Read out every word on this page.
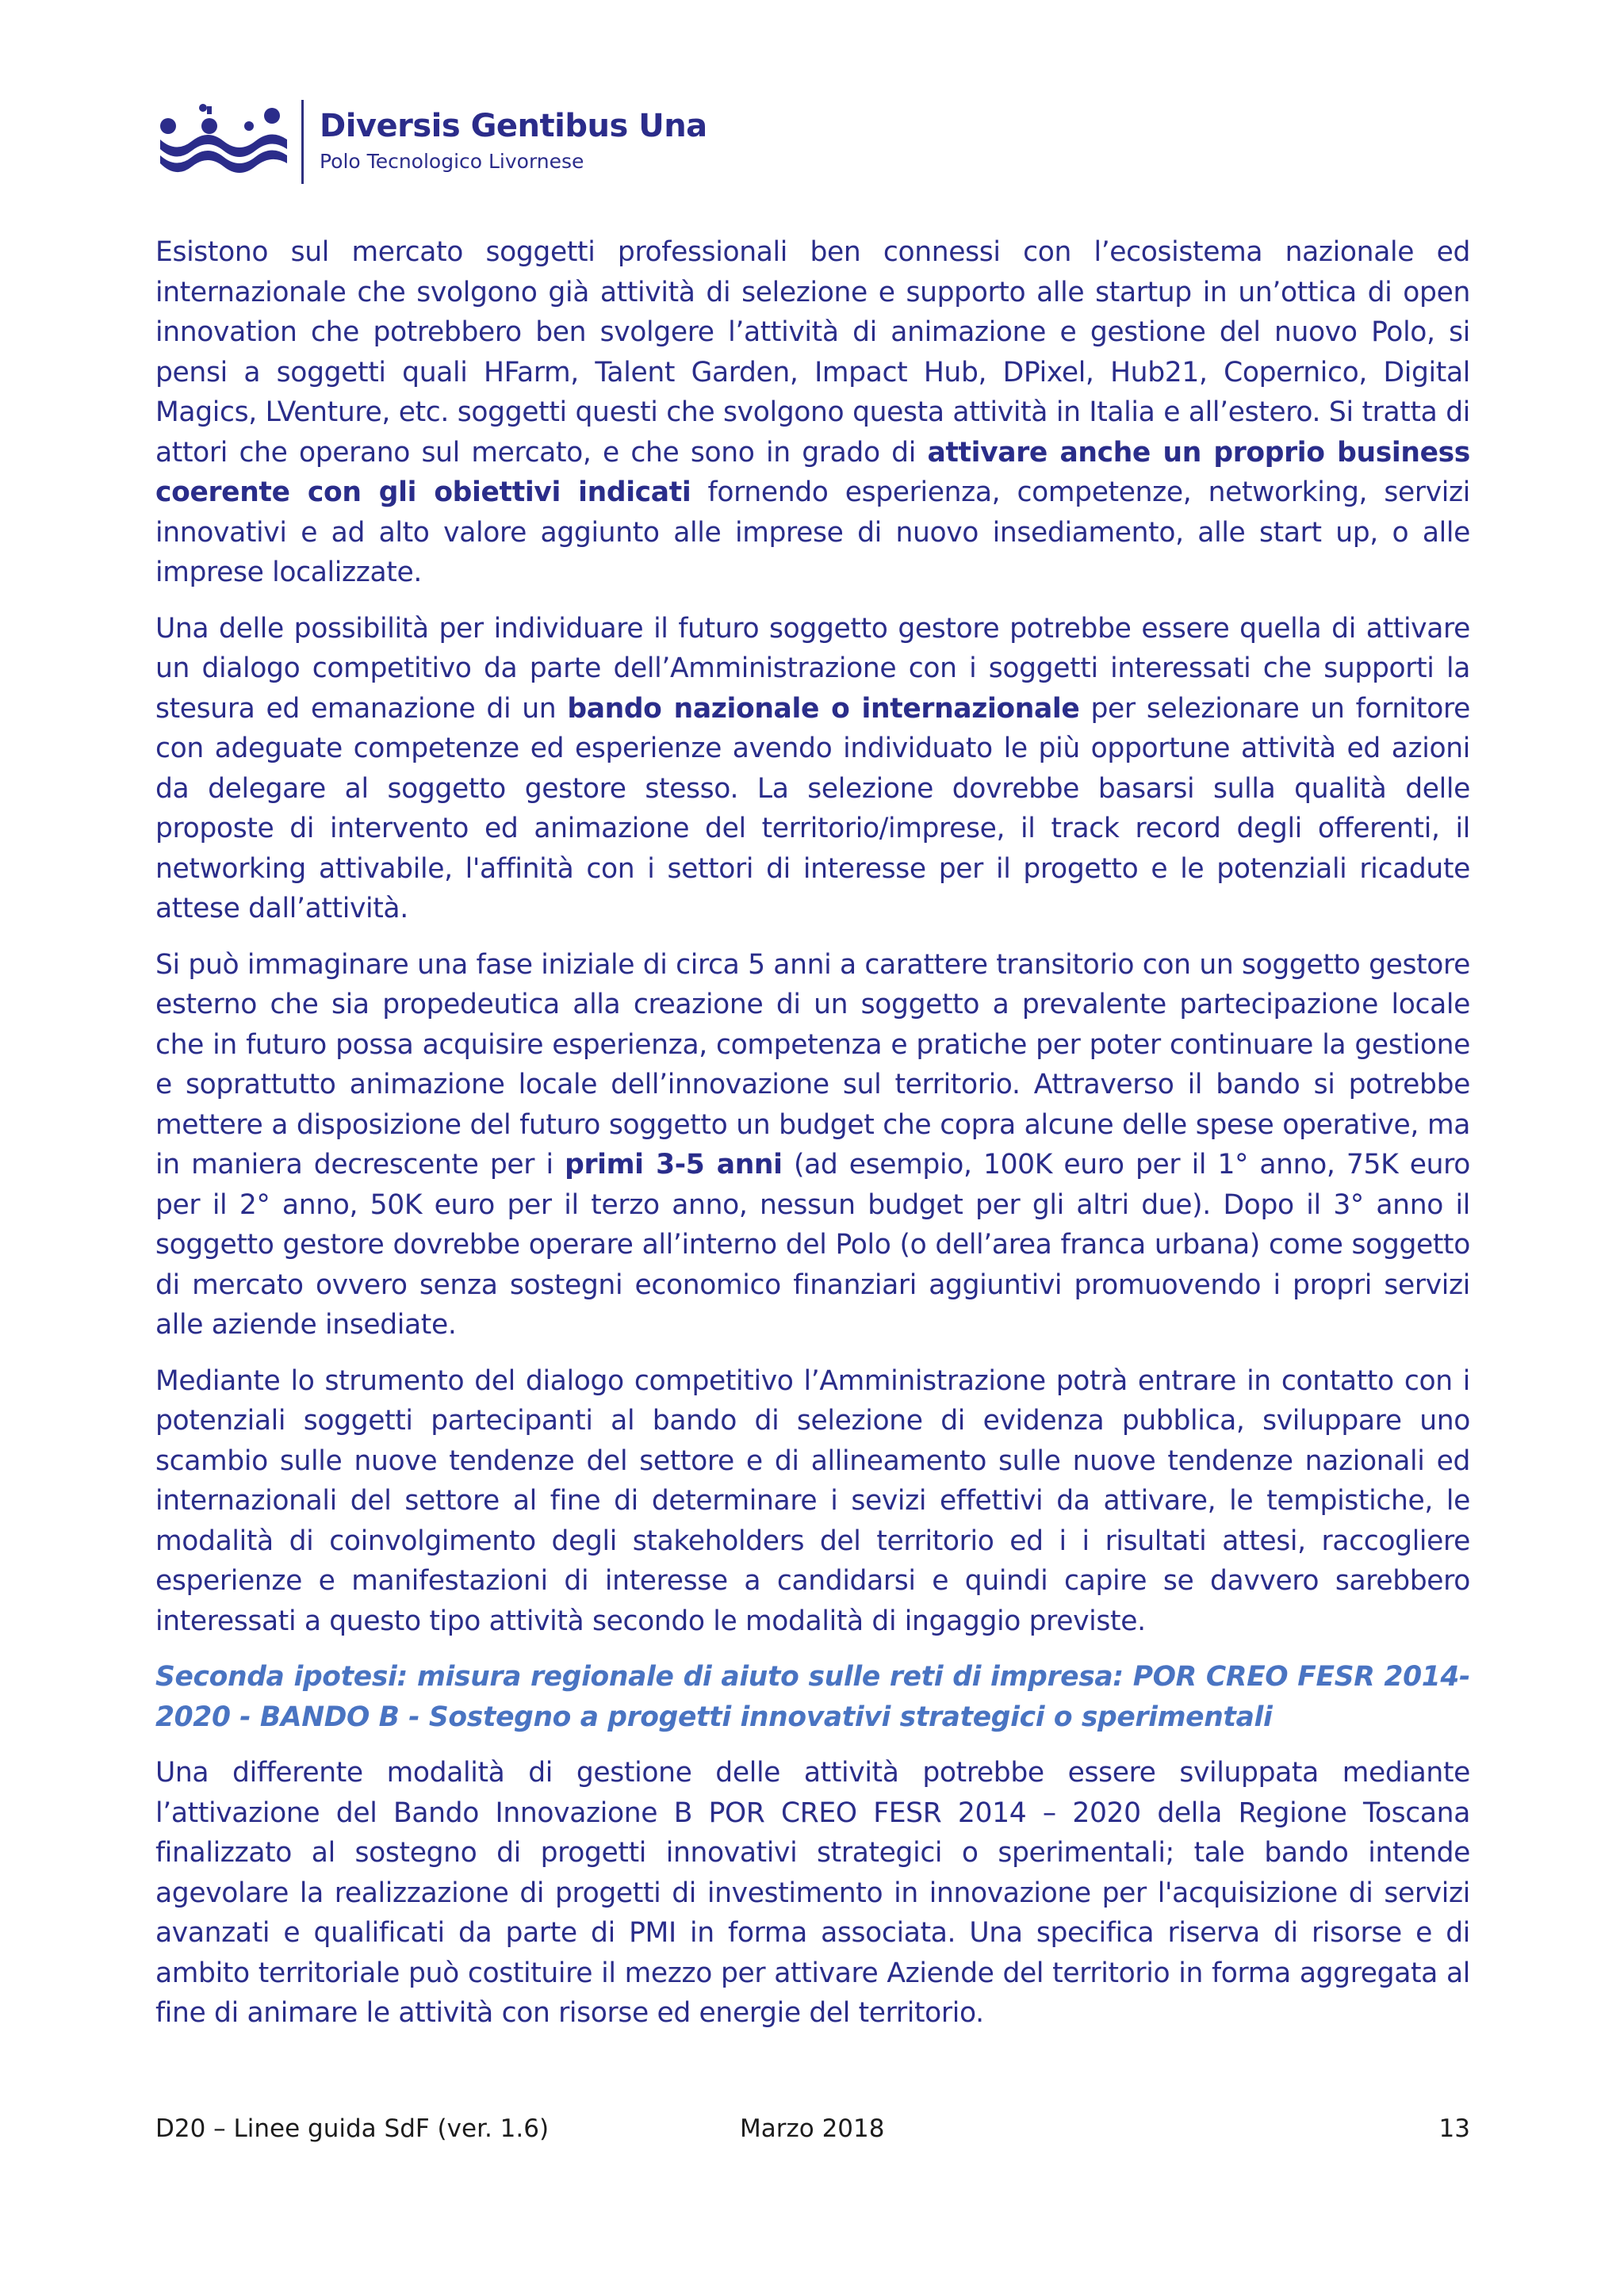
Diversis Gentibus Una
Polo Tecnologico Livornese

Esistono sul mercato soggetti professionali ben connessi con l’ecosistema nazionale ed internazionale che svolgono già attività di selezione e supporto alle startup in un’ottica di open innovation che potrebbero ben svolgere l’attività di animazione e gestione del nuovo Polo, si pensi a soggetti quali HFarm, Talent Garden, Impact Hub, DPixel, Hub21, Copernico, Digital Magics, LVenture, etc. soggetti questi che svolgono questa attività in Italia e all’estero. Si tratta di attori che operano sul mercato, e che sono in grado di attivare anche un proprio business coerente con gli obiettivi indicati fornendo esperienza, competenze, networking, servizi innovativi e ad alto valore aggiunto alle imprese di nuovo insediamento, alle start up, o alle imprese localizzate.

Una delle possibilità per individuare il futuro soggetto gestore potrebbe essere quella di attivare un dialogo competitivo da parte dell’Amministrazione con i soggetti interessati che supporti la stesura ed emanazione di un bando nazionale o internazionale per selezionare un fornitore con adeguate competenze ed esperienze avendo individuato le più opportune attività ed azioni da delegare al soggetto gestore stesso. La selezione dovrebbe basarsi sulla qualità delle proposte di intervento ed animazione del territorio/imprese, il track record degli offerenti, il networking attivabile, l'affinità con i settori di interesse per il progetto e le potenziali ricadute attese dall’attività.

Si può immaginare una fase iniziale di circa 5 anni a carattere transitorio con un soggetto gestore esterno che sia propedeutica alla creazione di un soggetto a prevalente partecipazione locale che in futuro possa acquisire esperienza, competenza e pratiche per poter continuare la gestione e soprattutto animazione locale dell’innovazione sul territorio. Attraverso il bando si potrebbe mettere a disposizione del futuro soggetto un budget che copra alcune delle spese operative, ma in maniera decrescente per i primi 3-5 anni (ad esempio, 100K euro per il 1° anno, 75K euro per il 2° anno, 50K euro per il terzo anno, nessun budget per gli altri due). Dopo il 3° anno il soggetto gestore dovrebbe operare all’interno del Polo (o dell’area franca urbana) come soggetto di mercato ovvero senza sostegni economico finanziari aggiuntivi promuovendo i propri servizi alle aziende insediate.

Mediante lo strumento del dialogo competitivo l’Amministrazione potrà entrare in contatto con i potenziali soggetti partecipanti al bando di selezione di evidenza pubblica, sviluppare uno scambio sulle nuove tendenze del settore e di allineamento sulle nuove tendenze nazionali ed internazionali del settore al fine di determinare i sevizi effettivi da attivare, le tempistiche, le modalità di coinvolgimento degli stakeholders del territorio ed i i risultati attesi, raccogliere esperienze e manifestazioni di interesse a candidarsi e quindi capire se davvero sarebbero interessati a questo tipo attività secondo le modalità di ingaggio previste.

Seconda ipotesi: misura regionale di aiuto sulle reti di impresa: POR CREO FESR 2014-2020 - BANDO B - Sostegno a progetti innovativi strategici o sperimentali

Una differente modalità di gestione delle attività potrebbe essere sviluppata mediante l’attivazione del Bando Innovazione B POR CREO FESR 2014 – 2020 della Regione Toscana finalizzato al sostegno di progetti innovativi strategici o sperimentali; tale bando intende agevolare la realizzazione di progetti di investimento in innovazione per l'acquisizione di servizi avanzati e qualificati da parte di PMI in forma associata. Una specifica riserva di risorse e di ambito territoriale può costituire il mezzo per attivare Aziende del territorio in forma aggregata al fine di animare le attività con risorse ed energie del territorio.

D20 – Linee guida SdF (ver. 1.6)	Marzo 2018	13
